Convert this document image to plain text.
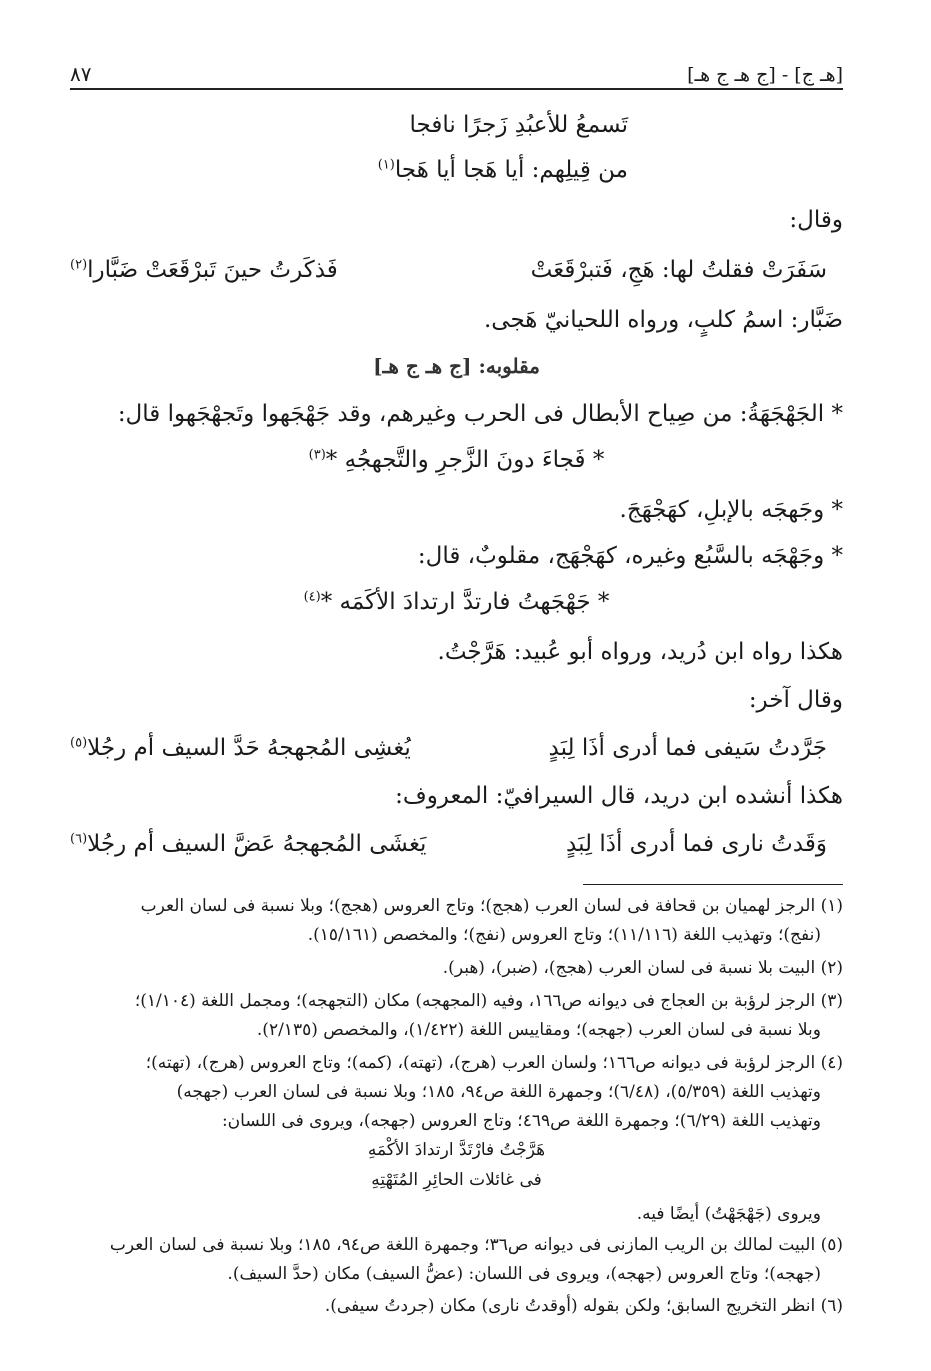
[هـ ج] - [ج هـ ج هـ]
٨٧
تَسمعُ للأعبُدِ زَجرًا نافجا
من قِيلِهم: أيا هَجا أيا هَجا$^{(١)}$
وقال:
سَفَرَتْ فقلتُ لها: هَجِ، فَتبرْقَعَتْ
فَذكَرتُ حينَ تَبرْقَعَتْ ضَبَّارا$^{(٢)}$
ضَبَّار: اسمُ كلبٍ، ورواه اللحيانيّ هَجى.
مقلوبه: [ج هـ ج هـ]
* الجَهْجَهَةُ: من صِياح الأبطال فى الحرب وغيرهم، وقد جَهْجَهوا وتَجهْجَهوا قال:
* فَجاءَ دونَ الزَّجرِ والتَّجهجُهِ *$^{(٣)}$
* وجَهجَه بالإبلِ، كهَجْهَجَ.
* وجَهْجَه بالسَّبُع وغيره، كهَجْهَج، مقلوبٌ، قال:
* جَهْجَهتُ فارتدَّ ارتدادَ الأكَمَه *$^{(٤)}$
هكذا رواه ابن دُريد، ورواه أبو عُبيد: هَرَّجْتُ.
وقال آخر:
جَرَّدتُ سَيفى فما أدرى أذَا لِبَدٍ
يُغشِى المُجهجهُ حَدَّ السيف أم رجُلا$^{(٥)}$
هكذا أنشده ابن دريد، قال السيرافيّ: المعروف:
وَقَدتُ نارى فما أدرى أذَا لِبَدٍ
يَغشَى المُجهجهُ عَضَّ السيف أم رجُلا$^{(٦)}$
(١) الرجز لهميان بن قحافة فى لسان العرب (هجج)؛ وتاج العروس (هجج)؛ وبلا نسبة فى لسان العرب
(نفج)؛ وتهذيب اللغة (١١/١١٦)؛ وتاج العروس (نفج)؛ والمخصص (١٥/١٦١).
(٢) البيت بلا نسبة فى لسان العرب (هجج)، (ضبر)، (هبر).
(٣) الرجز لرؤبة بن العجاج فى ديوانه ص١٦٦، وفيه (المجهجه) مكان (التجهجه)؛ ومجمل اللغة (١/١٠٤)؛
وبلا نسبة فى لسان العرب (جهجه)؛ ومقاييس اللغة (١/٤٢٢)، والمخصص (٢/١٣٥).
(٤) الرجز لرؤبة فى ديوانه ص١٦٦؛ ولسان العرب (هرج)، (تهته)، (كمه)؛ وتاج العروس (هرج)، (تهته)؛
وتهذيب اللغة (٥/٣٥٩)، (٦/٤٨)؛ وجمهرة اللغة ص٩٤، ١٨٥؛ وبلا نسبة فى لسان العرب (جهجه)
وتهذيب اللغة (٦/٢٩)؛ وجمهرة اللغة ص٤٦٩؛ وتاج العروس (جهجه)، ويروى فى اللسان:
هَرَّجْتُ فارْتَدَّ ارتدادَ الأكْمَهِ
فى غائلات الحائِرِ المُتَهْتِهِ
ويروى (جَهْجَهْتُ) أيضًا فيه.
(٥) البيت لمالك بن الريب المازنى فى ديوانه ص٣٦؛ وجمهرة اللغة ص٩٤، ١٨٥؛ وبلا نسبة فى لسان العرب
(جهجه)؛ وتاج العروس (جهجه)، ويروى فى اللسان: (عضُّ السيف) مكان (حدَّ السيف).
(٦) انظر التخريج السابق؛ ولكن بقوله (أوقدتُ نارى) مكان (جردتُ سيفى).
